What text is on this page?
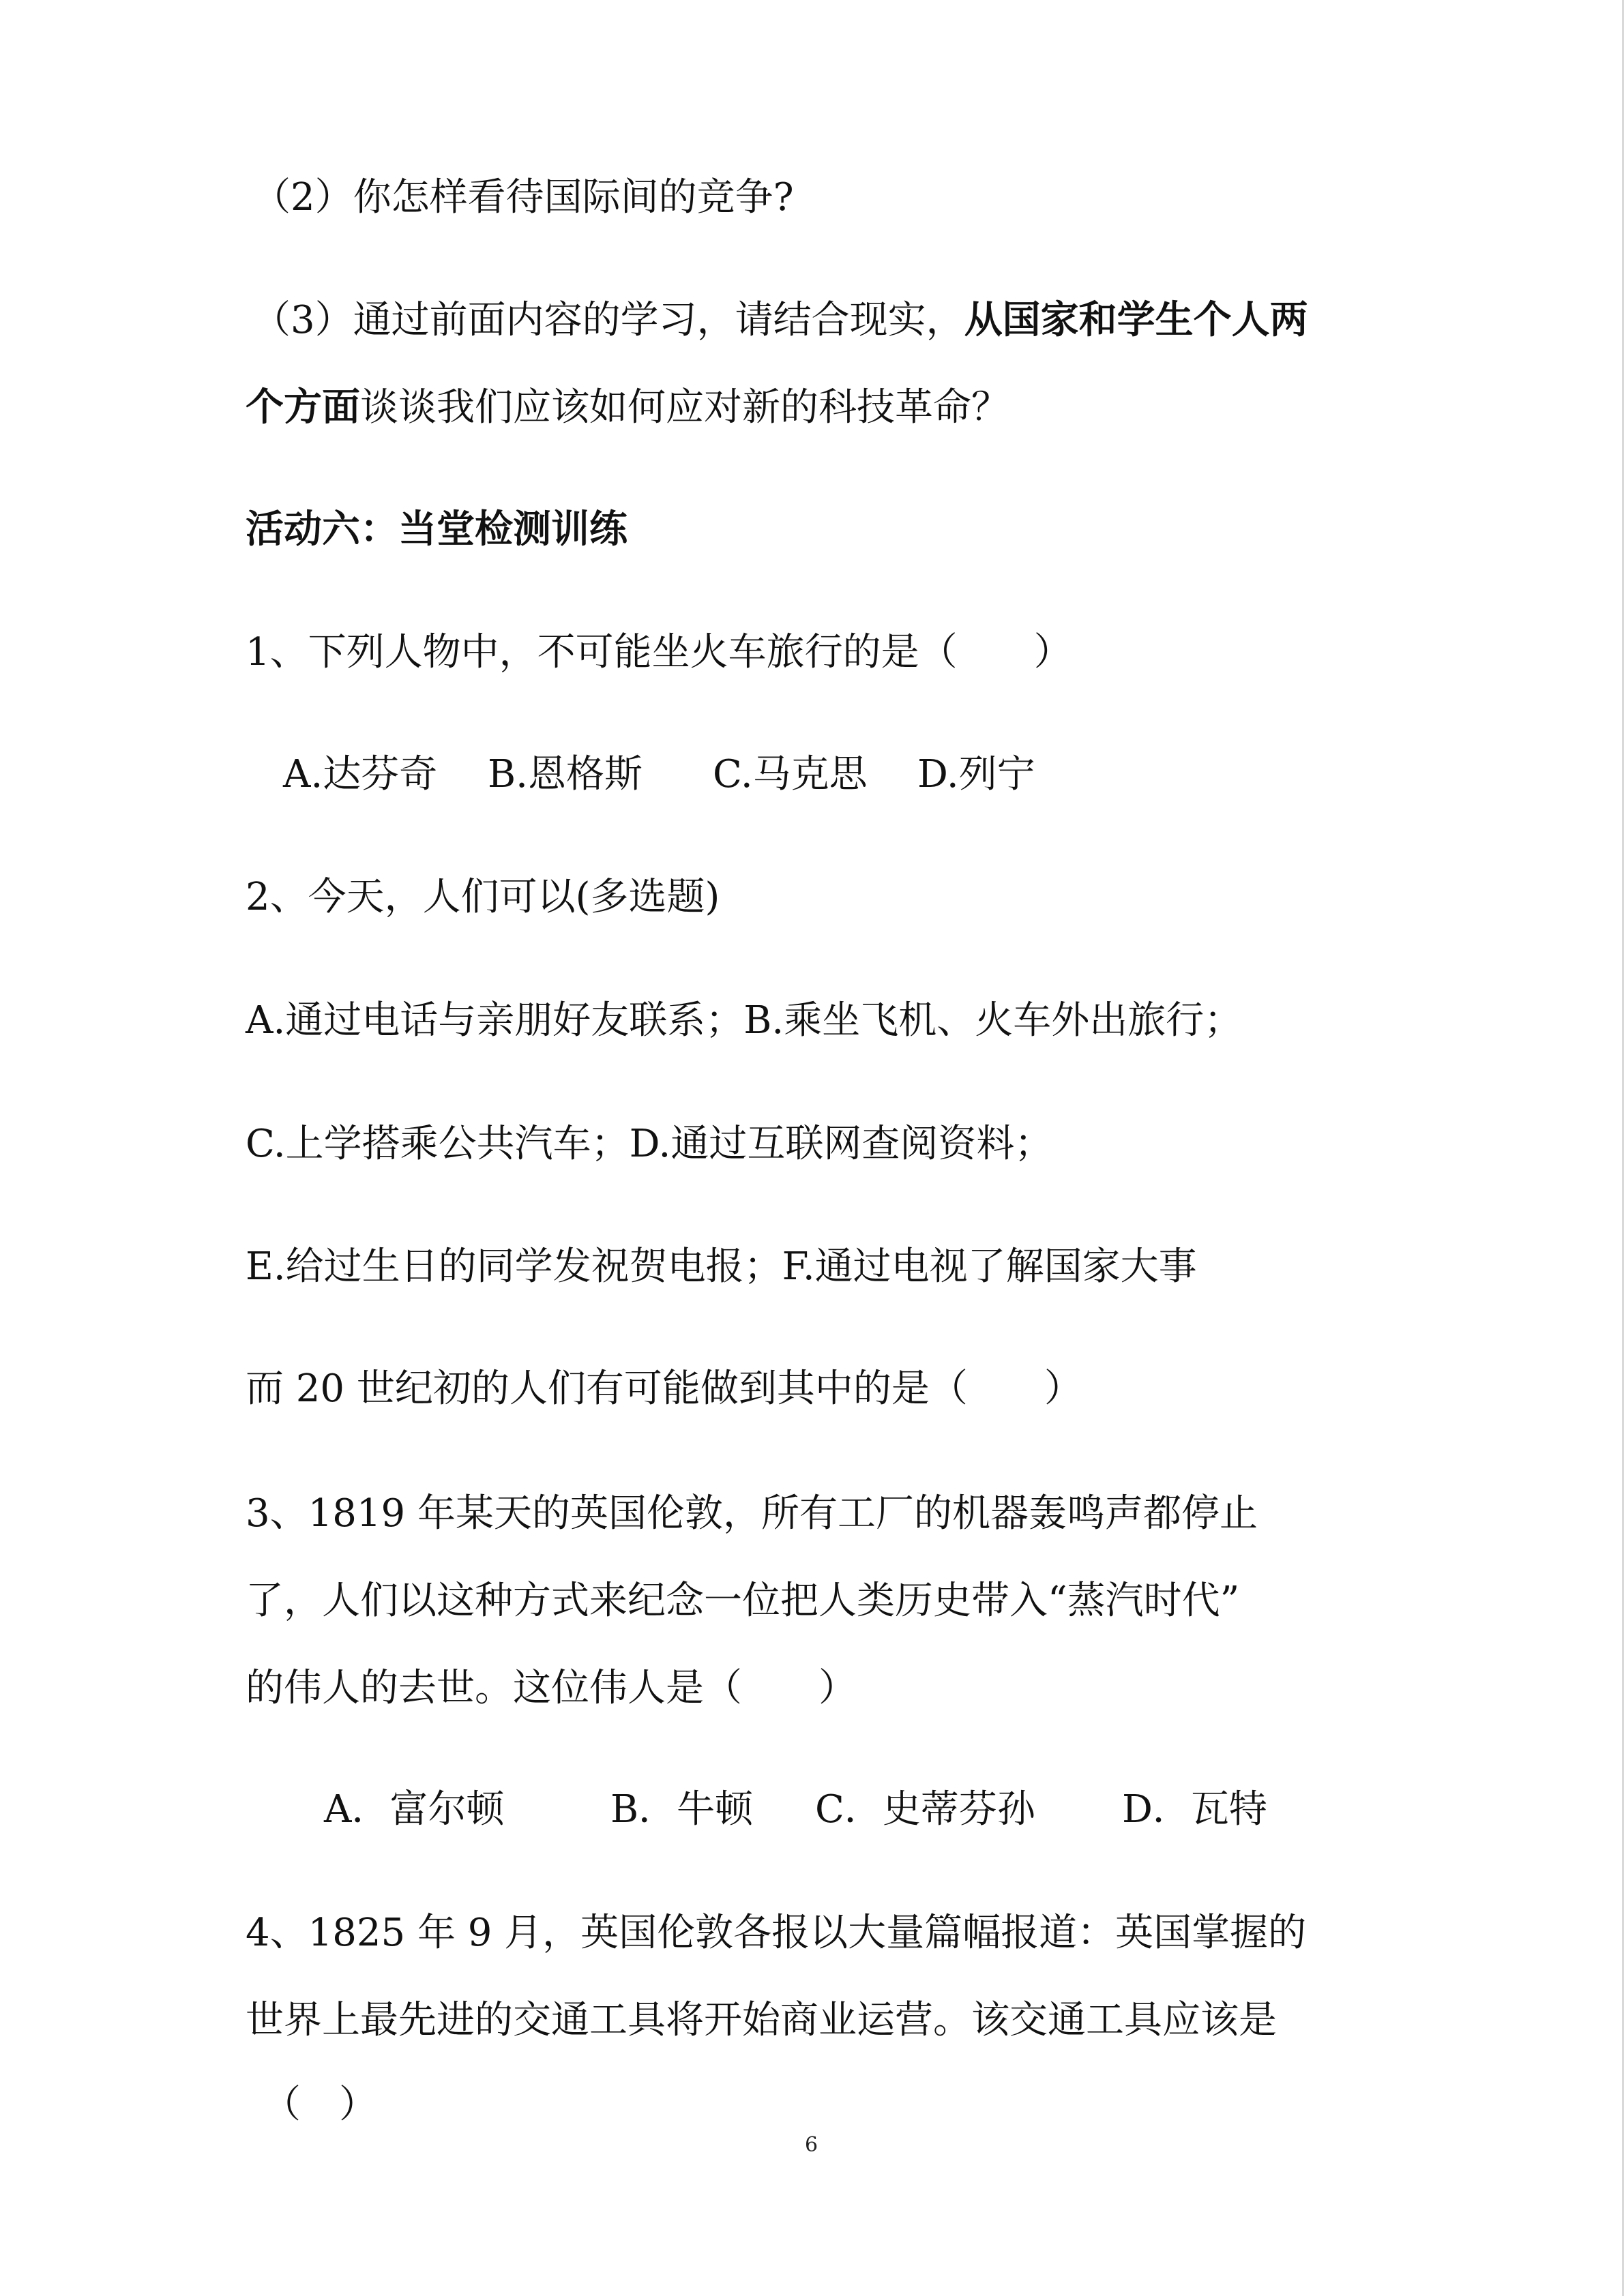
（2）你怎样看待国际间的竞争?
（3）通过前面内容的学习，请结合现实，从国家和学生个人两
个方面谈谈我们应该如何应对新的科技革命？
活动六：当堂检测训练
1、下列人物中，不可能坐火车旅行的是（　　）
A.达芬奇 B.恩格斯 C.马克思 D.列宁
2、今天，人们可以(多选题)
A.通过电话与亲朋好友联系；B.乘坐飞机、火车外出旅行；
C.上学搭乘公共汽车；D.通过互联网查阅资料；
E.给过生日的同学发祝贺电报；F.通过电视了解国家大事
而 20 世纪初的人们有可能做到其中的是（　　）
3、1819 年某天的英国伦敦，所有工厂的机器轰鸣声都停止
了，人们以这种方式来纪念一位把人类历史带入“蒸汽时代”
的伟人的去世。这位伟人是（　　）
A．富尔顿	B．牛顿 C．史蒂芬孙 D．瓦特
4、1825 年 9 月，英国伦敦各报以大量篇幅报道：英国掌握的
世界上最先进的交通工具将开始商业运营。该交通工具应该是
（　）
6
